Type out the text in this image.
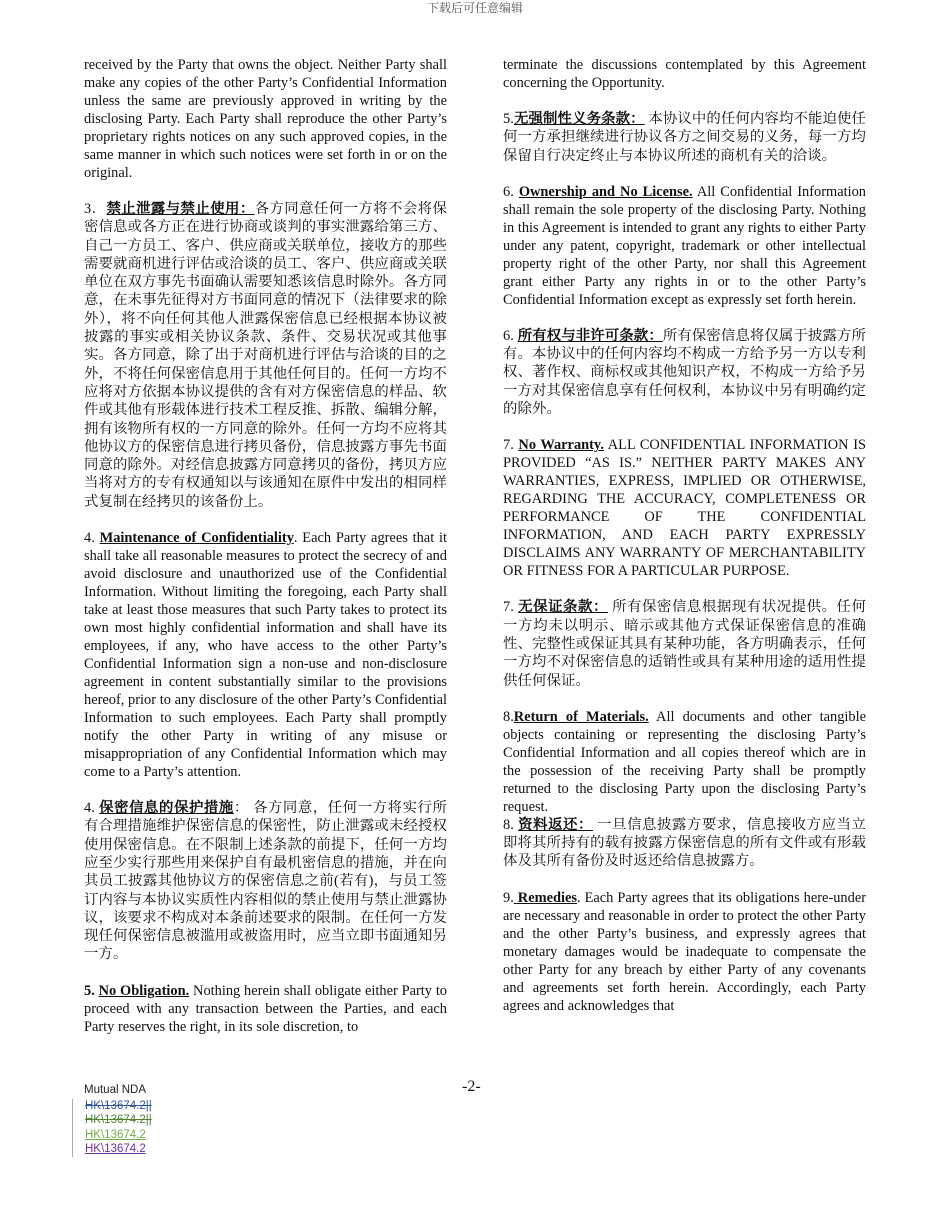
下载后可任意编辑

received by the Party that owns the object. Neither Party shall make any copies of the other Party’s Confidential Information unless the same are previously approved in writing by the disclosing Party. Each Party shall reproduce the other Party’s proprietary rights notices on any such approved copies, in the same manner in which such notices were set forth in or on the original.

3．禁止泄露与禁止使用：各方同意任何一方将不会将保密信息或各方正在进行协商或谈判的事实泄露给第三方、自己一方员工、客户、供应商或关联单位，接收方的那些需要就商机进行评估或洽谈的员工、客户、供应商或关联单位在双方事先书面确认需要知悉该信息时除外。各方同意，在未事先征得对方书面同意的情况下（法律要求的除外），将不向任何其他人泄露保密信息已经根据本协议被披露的事实或相关协议条款、条件、交易状况或其他事实。各方同意，除了出于对商机进行评估与洽谈的目的之外，不将任何保密信息用于其他任何目的。任何一方均不应将对方依据本协议提供的含有对方保密信息的样品、软件或其他有形载体进行技术工程反推、拆散、编辑分解，拥有该物所有权的一方同意的除外。任何一方均不应将其他协议方的保密信息进行拷贝备份，信息披露方事先书面同意的除外。对经信息披露方同意拷贝的备份，拷贝方应当将对方的专有权通知以与该通知在原件中发出的相同样式复制在经拷贝的该备份上。

4. Maintenance of Confidentiality. Each Party agrees that it shall take all reasonable measures to protect the secrecy of and avoid disclosure and unauthorized use of the Confidential Information. Without limiting the foregoing, each Party shall take at least those measures that such Party takes to protect its own most highly confidential information and shall have its employees, if any, who have access to the other Party’s Confidential Information sign a non-use and non-disclosure agreement in content substantially similar to the provisions hereof, prior to any disclosure of the other Party’s Confidential Information to such employees. Each Party shall promptly notify the other Party in writing of any misuse or misappropriation of any Confidential Information which may come to a Party’s attention.

4. 保密信息的保护措施： 各方同意，任何一方将实行所有合理措施维护保密信息的保密性，防止泄露或未经授权使用保密信息。在不限制上述条款的前提下，任何一方均应至少实行那些用来保护自有最机密信息的措施，并在向其员工披露其他协议方的保密信息之前(若有)，与员工签订内容与本协议实质性内容相似的禁止使用与禁止泄露协议，该要求不构成对本条前述要求的限制。在任何一方发现任何保密信息被滥用或被盗用时，应当立即书面通知另一方。

5. No Obligation. Nothing herein shall obligate either Party to proceed with any transaction between the Parties, and each Party reserves the right, in its sole discretion, to

terminate the discussions contemplated by this Agreement concerning the Opportunity.

5.无强制性义务条款： 本协议中的任何内容均不能迫使任何一方承担继续进行协议各方之间交易的义务，每一方均保留自行决定终止与本协议所述的商机有关的洽谈。

6. Ownership and No License. All Confidential Information shall remain the sole property of the disclosing Party. Nothing in this Agreement is intended to grant any rights to either Party under any patent, copyright, trademark or other intellectual property right of the other Party, nor shall this Agreement grant either Party any rights in or to the other Party’s Confidential Information except as expressly set forth herein.

6. 所有权与非许可条款：所有保密信息将仅属于披露方所有。本协议中的任何内容均不构成一方给予另一方以专利权、著作权、商标权或其他知识产权，不构成一方给予另一方对其保密信息享有任何权利，本协议中另有明确约定的除外。

7. No Warranty. ALL CONFIDENTIAL INFORMATION IS PROVIDED “AS IS.” NEITHER PARTY MAKES ANY WARRANTIES, EXPRESS, IMPLIED OR OTHERWISE, REGARDING THE ACCURACY, COMPLETENESS OR PERFORMANCE OF THE CONFIDENTIAL INFORMATION, AND EACH PARTY EXPRESSLY DISCLAIMS ANY WARRANTY OF MERCHANTABILITY OR FITNESS FOR A PARTICULAR PURPOSE.

7. 无保证条款： 所有保密信息根据现有状况提供。任何一方均未以明示、暗示或其他方式保证保密信息的准确性、完整性或保证其具有某种功能，各方明确表示，任何一方均不对保密信息的适销性或具有某种用途的适用性提供任何保证。

8.Return of Materials. All documents and other tangible objects containing or representing the disclosing Party’s Confidential Information and all copies thereof which are in the possession of the receiving Party shall be promptly returned to the disclosing Party upon the disclosing Party’s request.

8. 资料返还： 一旦信息披露方要求，信息接收方应当立即将其所持有的载有披露方保密信息的所有文件或有形载体及其所有备份及时返还给信息披露方。

9. Remedies. Each Party agrees that its obligations here-under are necessary and reasonable in order to protect the other Party and the other Party’s business, and expressly agrees that monetary damages would be inadequate to compensate the other Party for any breach by either Party of any covenants and agreements set forth herein. Accordingly, each Party agrees and acknowledges that

Mutual NDA	-2-
HK\13674.2||
HK\13674.2||
HK\13674.2
HK\13674.2
